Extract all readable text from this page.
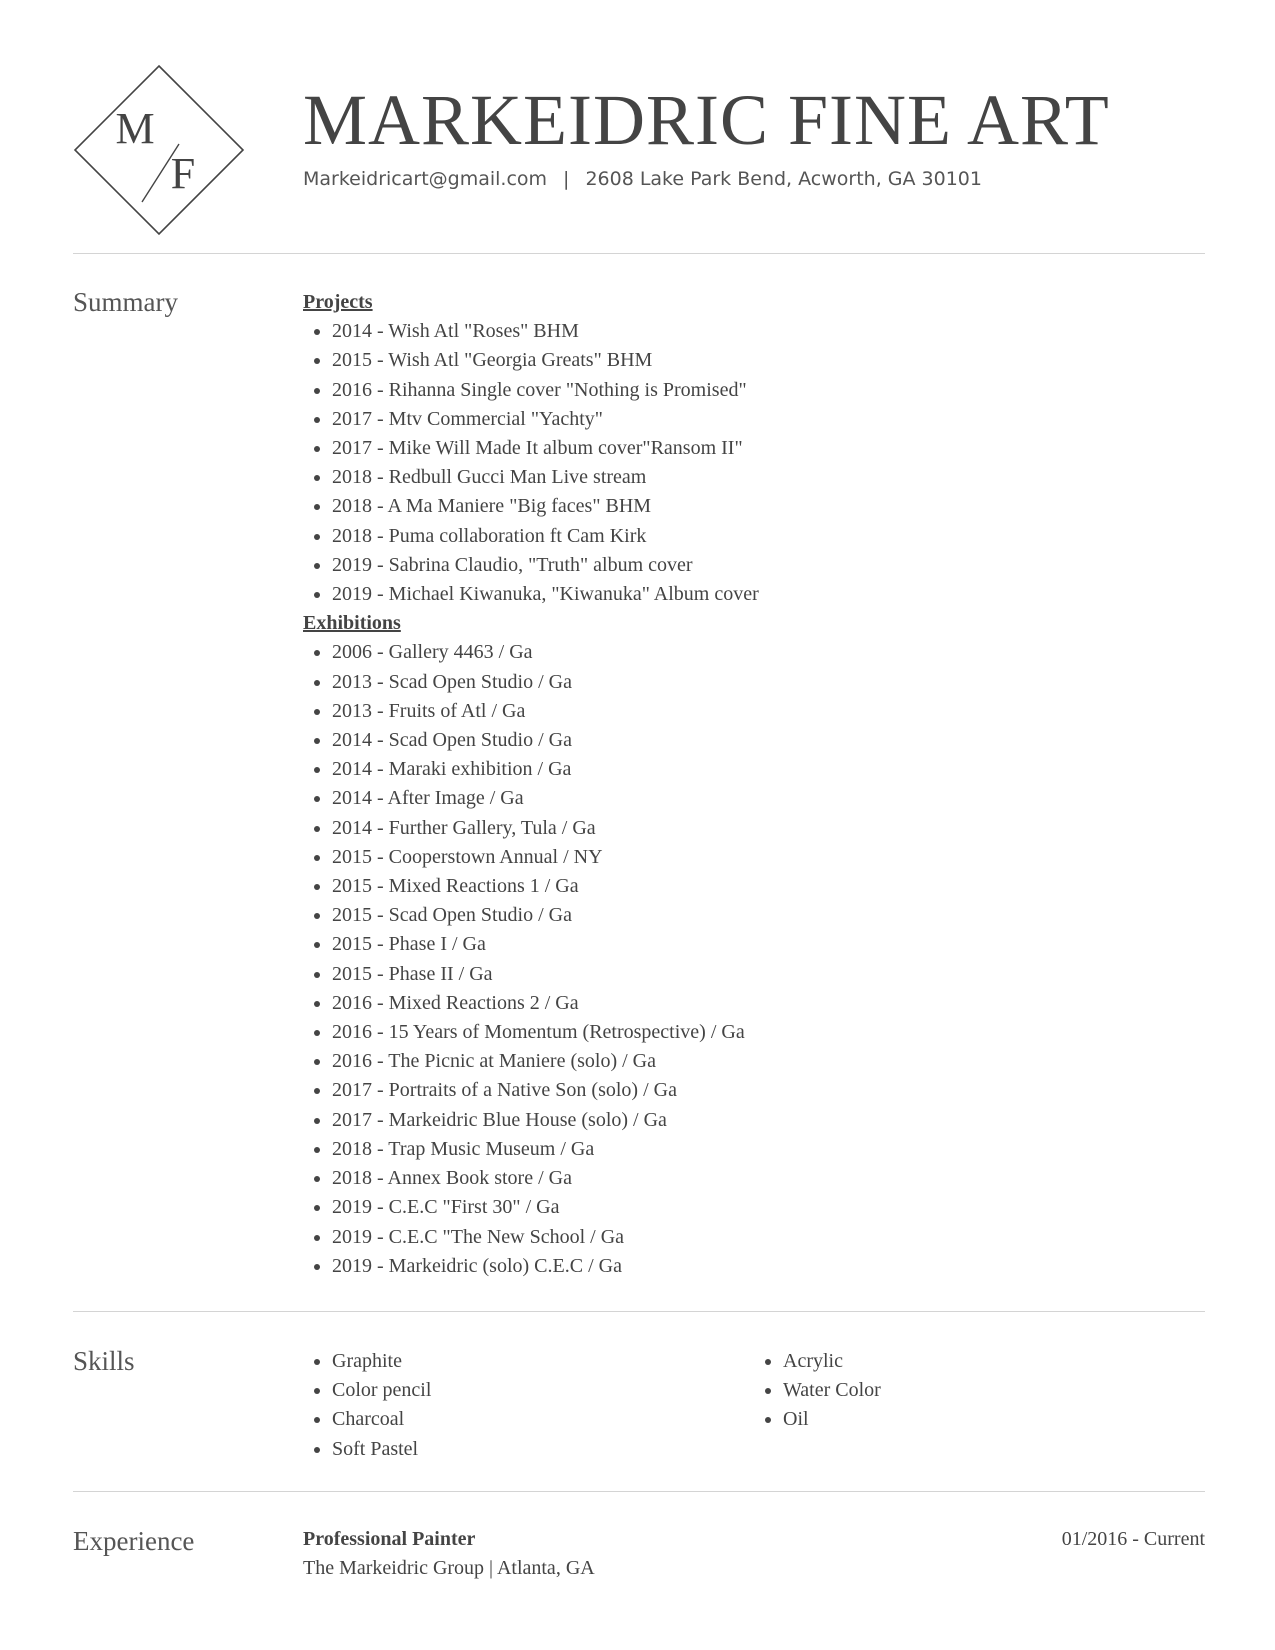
M
F
MARKEIDRIC FINE ART

Markeidricart@gmail.com | 2608 Lake Park Bend, Acworth, GA 30101

Summary	Projects
2014 - Wish Atl "Roses" BHM
2015 - Wish Atl "Georgia Greats" BHM
2016 - Rihanna Single cover "Nothing is Promised"
2017 - Mtv Commercial "Yachty"
2017 - Mike Will Made It album cover"Ransom II"
2018 - Redbull Gucci Man Live stream
2018 - A Ma Maniere "Big faces" BHM
2018 - Puma collaboration ft Cam Kirk
2019 - Sabrina Claudio, "Truth" album cover
2019 - Michael Kiwanuka, "Kiwanuka" Album cover
Exhibitions
2006 - Gallery 4463 / Ga
2013 - Scad Open Studio / Ga
2013 - Fruits of Atl / Ga
2014 - Scad Open Studio / Ga
2014 - Maraki exhibition / Ga
2014 - After Image / Ga
2014 - Further Gallery, Tula / Ga
2015 - Cooperstown Annual / NY
2015 - Mixed Reactions 1 / Ga
2015 - Scad Open Studio / Ga
2015 - Phase I / Ga
2015 - Phase II / Ga
2016 - Mixed Reactions 2 / Ga
2016 - 15 Years of Momentum (Retrospective) / Ga
2016 - The Picnic at Maniere (solo) / Ga
2017 - Portraits of a Native Son (solo) / Ga
2017 - Markeidric Blue House (solo) / Ga
2018 - Trap Music Museum / Ga
2018 - Annex Book store / Ga
2019 - C.E.C "First 30" / Ga
2019 - C.E.C "The New School / Ga
2019 - Markeidric (solo) C.E.C / Ga
Skills	Graphite
Color pencil
Charcoal
Soft Pastel
Acrylic
Water Color
Oil
Experience	Professional Painter

The Markeidric Group | Atlanta, GA

01/2016 - Current
